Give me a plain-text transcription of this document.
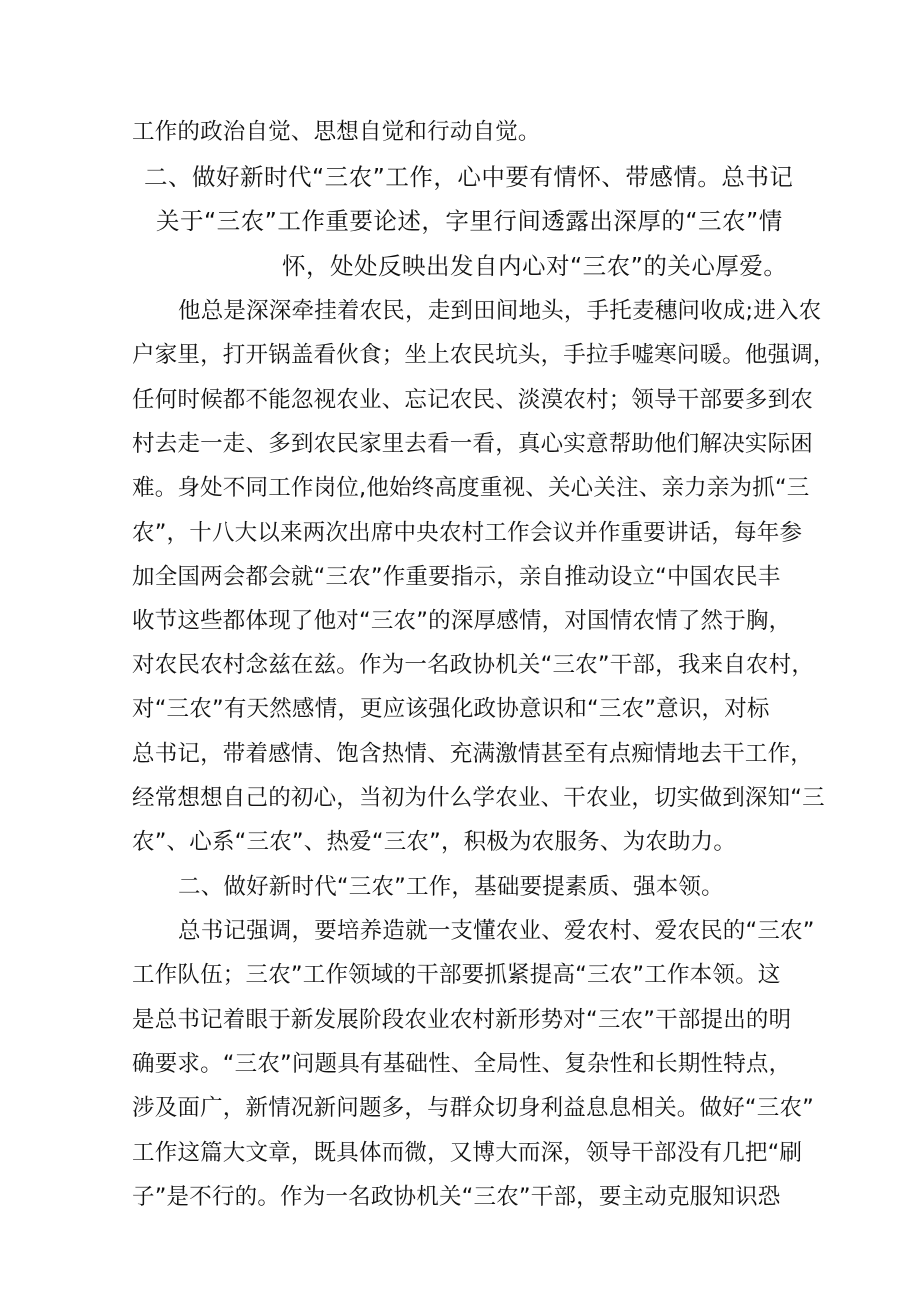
工作的政治自觉、思想自觉和行动自觉。
二、做好新时代“三农”工作，心中要有情怀、带感情。总书记
关于“三农”工作重要论述，字里行间透露出深厚的“三农”情
怀，处处反映出发自内心对“三农”的关心厚爱。
他总是深深牵挂着农民，走到田间地头，手托麦穗问收成;进入农
户家里，打开锅盖看伙食；坐上农民坑头，手拉手嘘寒问暖。他强调，
任何时候都不能忽视农业、忘记农民、淡漠农村；领导干部要多到农
村去走一走、多到农民家里去看一看，真心实意帮助他们解决实际困
难。身处不同工作岗位,他始终高度重视、关心关注、亲力亲为抓“三
农”，十八大以来两次出席中央农村工作会议并作重要讲话，每年参
加全国两会都会就“三农”作重要指示，亲自推动设立“中国农民丰
收节这些都体现了他对“三农”的深厚感情，对国情农情了然于胸，
对农民农村念兹在兹。作为一名政协机关“三农”干部，我来自农村，
对“三农”有天然感情，更应该强化政协意识和“三农”意识，对标
总书记，带着感情、饱含热情、充满激情甚至有点痴情地去干工作，
经常想想自己的初心，当初为什么学农业、干农业，切实做到深知“三
农”、心系“三农”、热爱“三农”，积极为农服务、为农助力。
二、做好新时代“三农”工作，基础要提素质、强本领。
总书记强调，要培养造就一支懂农业、爱农村、爱农民的“三农”
工作队伍；三农”工作领域的干部要抓紧提高“三农”工作本领。这
是总书记着眼于新发展阶段农业农村新形势对“三农”干部提出的明
确要求。“三农”问题具有基础性、全局性、复杂性和长期性特点，
涉及面广，新情况新问题多，与群众切身利益息息相关。做好“三农”
工作这篇大文章，既具体而微，又博大而深，领导干部没有几把“刷
子”是不行的。作为一名政协机关“三农”干部，要主动克服知识恐
